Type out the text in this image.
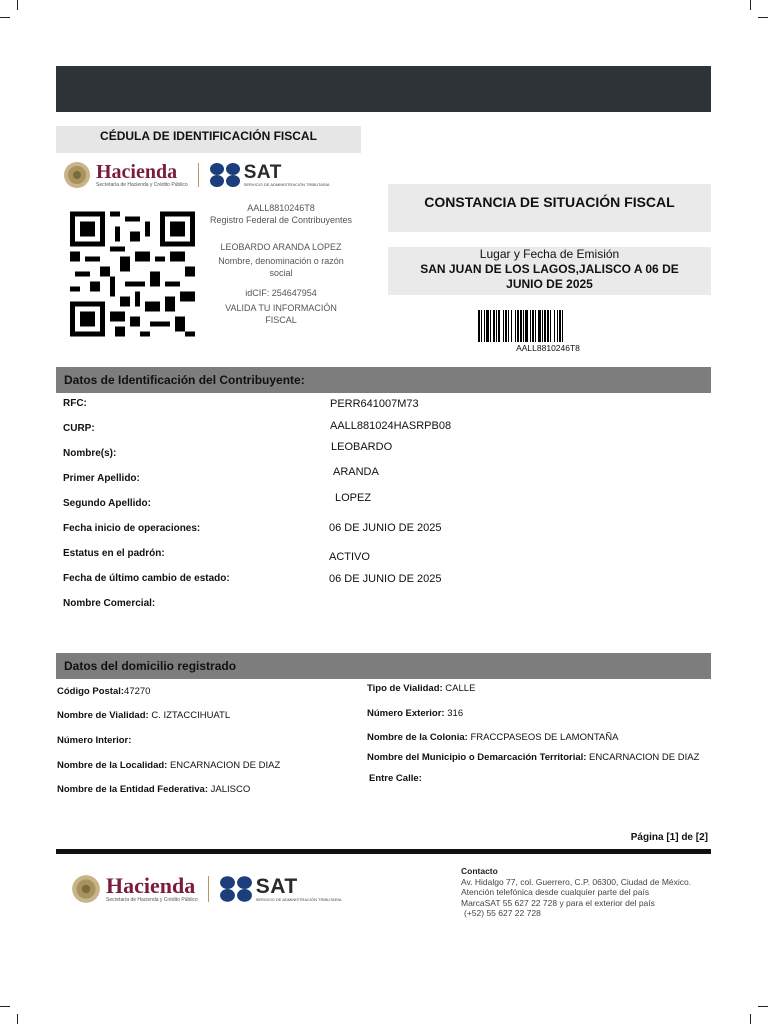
CÉDULA DE IDENTIFICACIÓN FISCAL
Hacienda
Secretaría de Hacienda y Crédito Público
SAT
SERVICIO DE ADMINISTRACIÓN TRIBUTARIA
AALL8810246T8
Registro Federal de Contribuyentes
LEOBARDO ARANDA LOPEZ
Nombre, denominación o razón
social
idCIF: 254647954
VALIDA TU INFORMACIÓN
FISCAL
CONSTANCIA DE SITUACIÓN FISCAL
Lugar y Fecha de Emisión
SAN JUAN DE LOS LAGOS,JALISCO A 06 DE
JUNIO DE 2025
AALL8810246T8
Datos de Identificación del Contribuyente:
RFC:	PERR641007M73
CURP:	AALL881024HASRPB08
Nombre(s):
LEOBARDO
Primer Apellido:
ARANDA
Segundo Apellido:	LOPEZ
Fecha inicio de operaciones:	06 DE JUNIO DE 2025
Estatus en el padrón:	ACTIVO
Fecha de último cambio de estado:	06 DE JUNIO DE 2025
Nombre Comercial:
Datos del domicilio registrado
Código Postal:47270
Nombre de Vialidad: C. IZTACCIHUATL
Número Interior:
Nombre de la Localidad: ENCARNACION DE DIAZ
Nombre de la Entidad Federativa: JALISCO
Tipo de Vialidad: CALLE
Número Exterior: 316
Nombre de la Colonia: FRACCPASEOS DE LAMONTAÑA
Nombre del Municipio o Demarcación Territorial: ENCARNACION DE DIAZ
Entre Calle:
Página [1] de [2]
Hacienda
Secretaría de Hacienda y Crédito Público
SAT
SERVICIO DE ADMINISTRACIÓN TRIBUTARIA
Contacto
Av. Hidalgo 77, col. Guerrero, C.P. 06300, Ciudad de México.
Atención telefónica desde cualquier parte del país
MarcaSAT 55 627 22 728 y para el exterior del país
(+52) 55 627 22 728
